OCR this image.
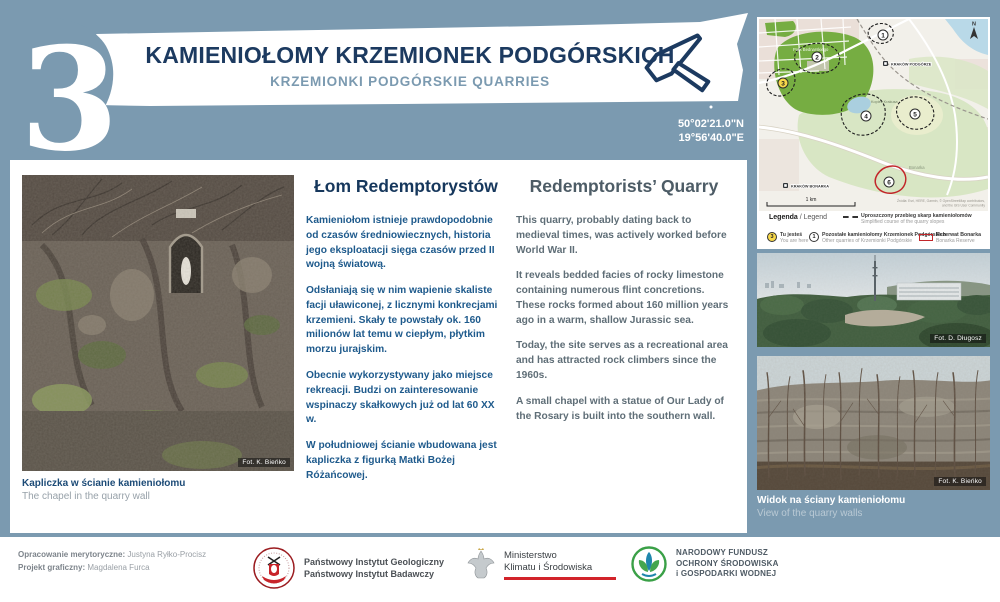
3 KAMIENIOŁOMY KRZEMIONEK PODGÓRSKICH
KRZEMIONKI PODGÓRSKIE QUARRIES
50°02'21.0"N
19°56'40.0"E
Fot. K. Bieńko
Kapliczka w ścianie kamieniołomu
The chapel in the quarry wall
Łom Redemptorystów

Kamieniołom istnieje prawdopodobnie od czasów średniowiecznych, historia jego eksploatacji sięga czasów przed II wojną światową.

Odsłaniają się w nim wapienie skaliste facji uławiconej, z licznymi konkrecjami krzemieni. Skały te powstały ok. 160 milionów lat temu w ciepłym, płytkim morzu jurajskim.

Obecnie wykorzystywany jako miejsce rekreacji. Budzi on zainteresowanie wspinaczy skałkowych już od lat 60 XX w.

W południowej ścianie wbudowana jest kapliczka z figurką Matki Bożej Różańcowej.

Redemptorists’ Quarry

This quarry, probably dating back to medieval times, was actively worked before World War II.

It reveals bedded facies of rocky limestone containing numerous flint concretions. These rocks formed about 160 million years ago in a warm, shallow Jurassic sea.

Today, the site serves as a recreational area and has attracted rock climbers since the 1960s.

A small chapel with a statue of Our Lady of the Rosary is built into the southern wall.

1
2
3
4	5
6
KRAKÓW PODGÓRZE
KRAKÓW BONARKA
Park Bednarskiego
Kopiec Krakusa
Bonarka
N
1 km	Źródła: Esri, HERE, Garmin, © OpenStreetMap contributors,
and the GIS User Community
Legenda / Legend	Uproszczony przebieg skarp kamieniołomów
Simplified course of the quarry slopes
3	Tu jesteś
You are here
1	Pozostałe kamieniołomy Krzemionek Podgórskich
Other quarries of Krzemionki Podgórskie
Rezerwat Bonarka
Bonarka Reserve
Fot. D. Długosz
Fot. K. Bieńko
Widok na ściany kamieniołomu
View of the quarry walls

Opracowanie merytoryczne: Justyna Ryłko-Procisz

Projekt graficzny: Magdalena Furca

Państwowy Instytut Geologiczny
Państwowy Instytut Badawczy
Ministerstwo
Klimatu i Środowiska
NARODOWY FUNDUSZ
OCHRONY ŚRODOWISKA
i GOSPODARKI WODNEJ
